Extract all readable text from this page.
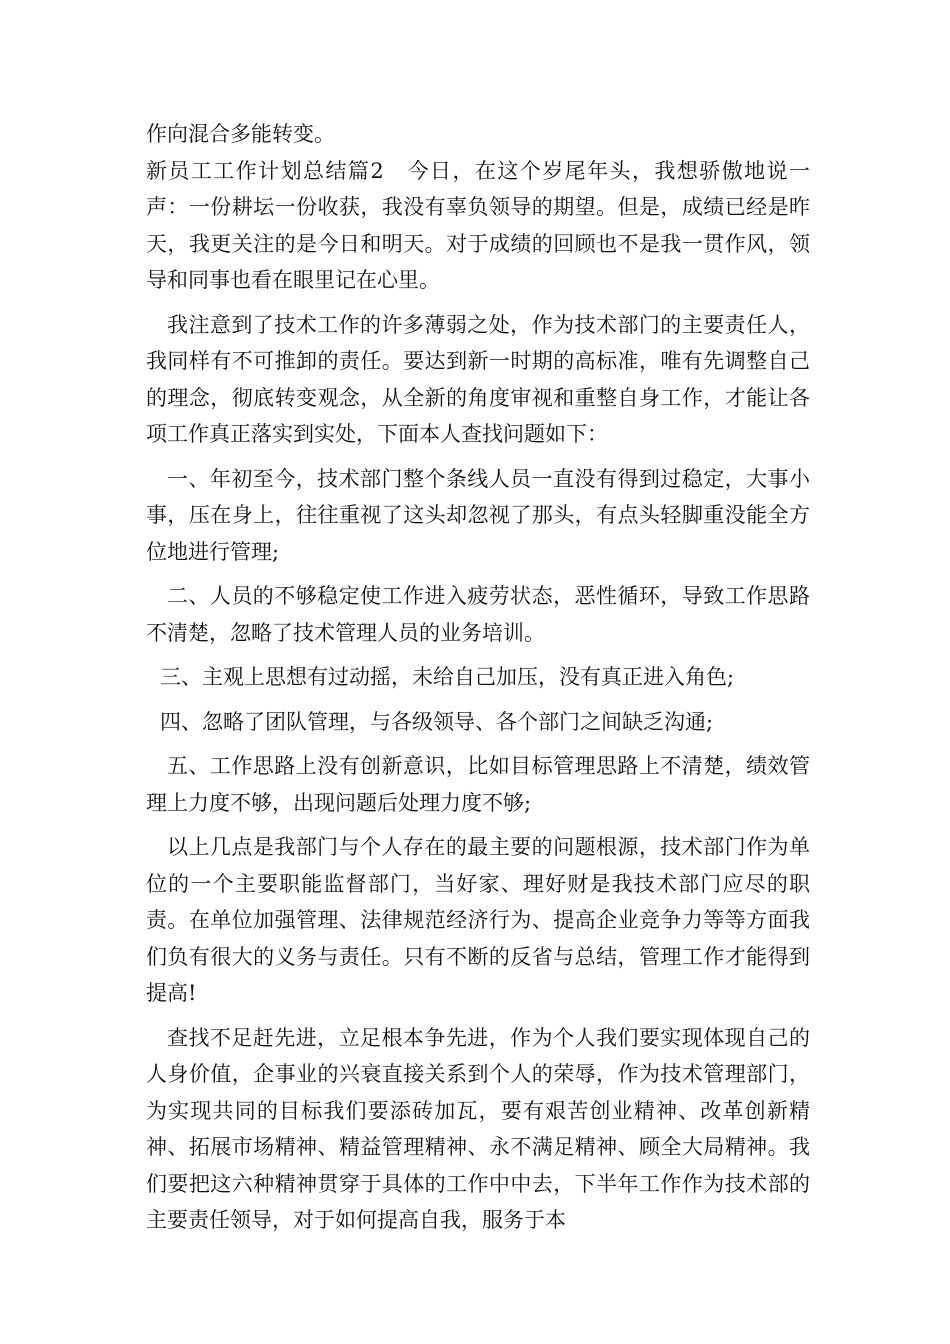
作向混合多能转变。

新员工工作计划总结篇2　今日，在这个岁尾年头，我想骄傲地说一声：一份耕坛一份收获，我没有辜负领导的期望。但是，成绩已经是昨天，我更关注的是今日和明天。对于成绩的回顾也不是我一贯作风，领导和同事也看在眼里记在心里。

我注意到了技术工作的许多薄弱之处，作为技术部门的主要责任人，我同样有不可推卸的责任。要达到新一时期的高标准，唯有先调整自己的理念，彻底转变观念，从全新的角度审视和重整自身工作，才能让各项工作真正落实到实处，下面本人查找问题如下：

一、年初至今，技术部门整个条线人员一直没有得到过稳定，大事小事，压在身上，往往重视了这头却忽视了那头，有点头轻脚重没能全方位地进行管理;

二、人员的不够稳定使工作进入疲劳状态，恶性循环，导致工作思路不清楚，忽略了技术管理人员的业务培训。

三、主观上思想有过动摇，未给自己加压，没有真正进入角色;

四、忽略了团队管理，与各级领导、各个部门之间缺乏沟通;

五、工作思路上没有创新意识，比如目标管理思路上不清楚，绩效管理上力度不够，出现问题后处理力度不够;

以上几点是我部门与个人存在的最主要的问题根源，技术部门作为单位的一个主要职能监督部门，当好家、理好财是我技术部门应尽的职责。在单位加强管理、法律规范经济行为、提高企业竞争力等等方面我们负有很大的义务与责任。只有不断的反省与总结，管理工作才能得到提高!

查找不足赶先进，立足根本争先进，作为个人我们要实现体现自己的人身价值，企事业的兴衰直接关系到个人的荣辱，作为技术管理部门，为实现共同的目标我们要添砖加瓦，要有艰苦创业精神、改革创新精神、拓展市场精神、精益管理精神、永不满足精神、顾全大局精神。我们要把这六种精神贯穿于具体的工作中中去，下半年工作作为技术部的主要责任领导，对于如何提高自我，服务于本
